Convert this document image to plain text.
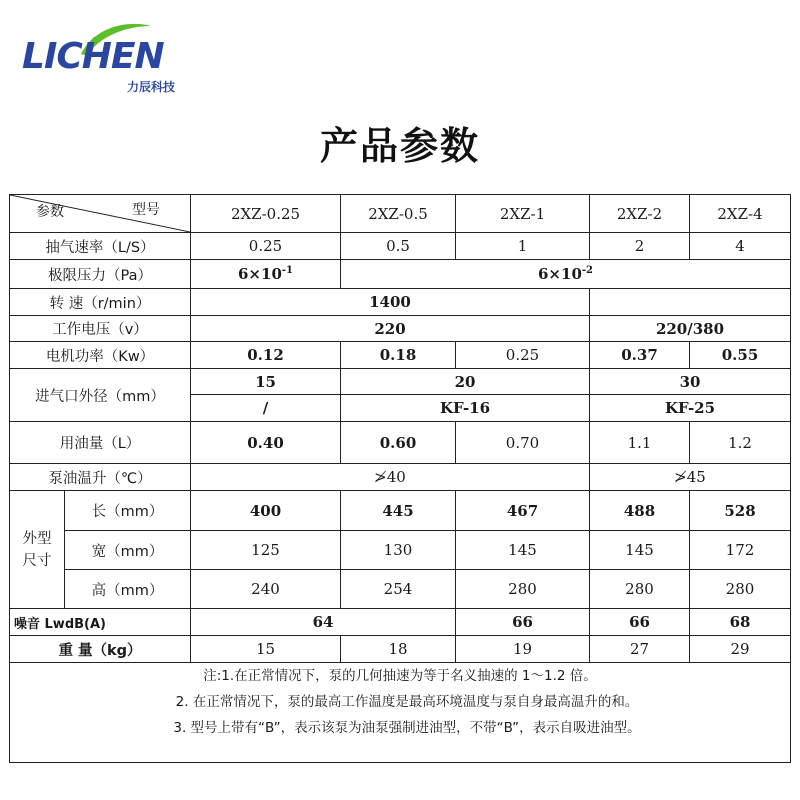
LICHEN
力辰科技
产品参数
参数 型号		2XZ-0.25	2XZ-0.5	2XZ-1	2XZ-2	2XZ-4
抽气速率（L/S）		0.25	0.5	1	2	4
极限压力（Pa）		$6\times 10^{-1}$	$6\times 10^{-2}$
转 速（r/min）		1400				
工作电压（v）		220			220/380	
电机功率（Kw）		0.12	0.18	0.25	0.37	0.55
进气口外径（mm）		15	20		30	
		/	KF-16		KF-25	
用油量（L）		0.40	0.60	0.70	1.1	1.2
泵油温升（℃）		≯40			≯45	

外型
尺寸	长（mm）	400	445	467	488	528
	宽（mm）	125	130	145	145	172
	高（mm）	240	254	280	280	280
噪音 LwdB(A)		64		66	66	68
重 量（kg）		15	18	19	27	29

注:1.在正常情况下，泵的几何抽速为等于名义抽速的 1～1.2 倍。
2. 在正常情况下，泵的最高工作温度是最高环境温度与泵自身最高温升的和。
3. 型号上带有“B”，表示该泵为油泵强制进油型，不带“B”，表示自吸进油型。						
